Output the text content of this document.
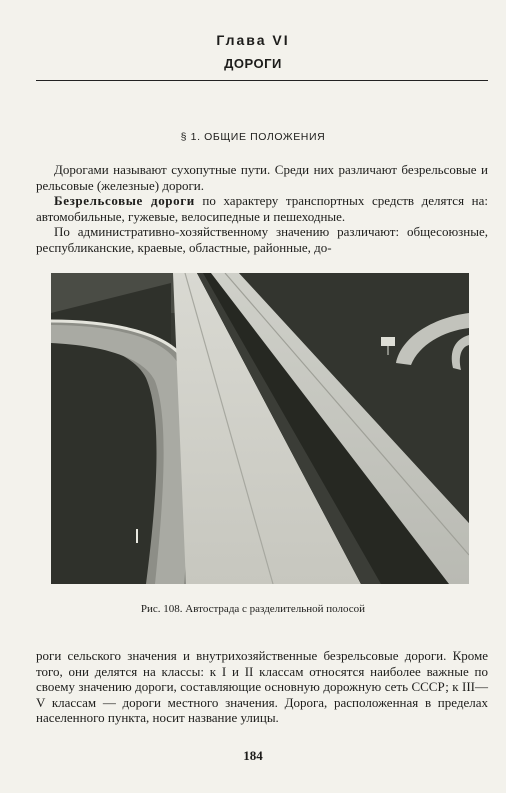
Глава VI
ДОРОГИ
§ 1. ОБЩИЕ ПОЛОЖЕНИЯ

Дорогами называют сухопутные пути. Среди них различают безрельсовые и рельсовые (железные) дороги.

Безрельсовые дороги по характеру транспортных средств делятся на: автомобильные, гужевые, велосипедные и пешеходные.

По административно-хозяйственному значению различают: общесоюзные, республиканские, краевые, областные, районные, до-

Рис. 108. Автострада с разделительной полосой

роги сельского значения и внутрихозяйственные безрельсовые дороги. Кроме того, они делятся на классы: к I и II классам относятся наиболее важные по своему значению дороги, составляющие основную дорожную сеть СССР; к III—V классам — дороги местного значения. Дорога, расположенная в пределах населенного пункта, носит название улицы.

184
